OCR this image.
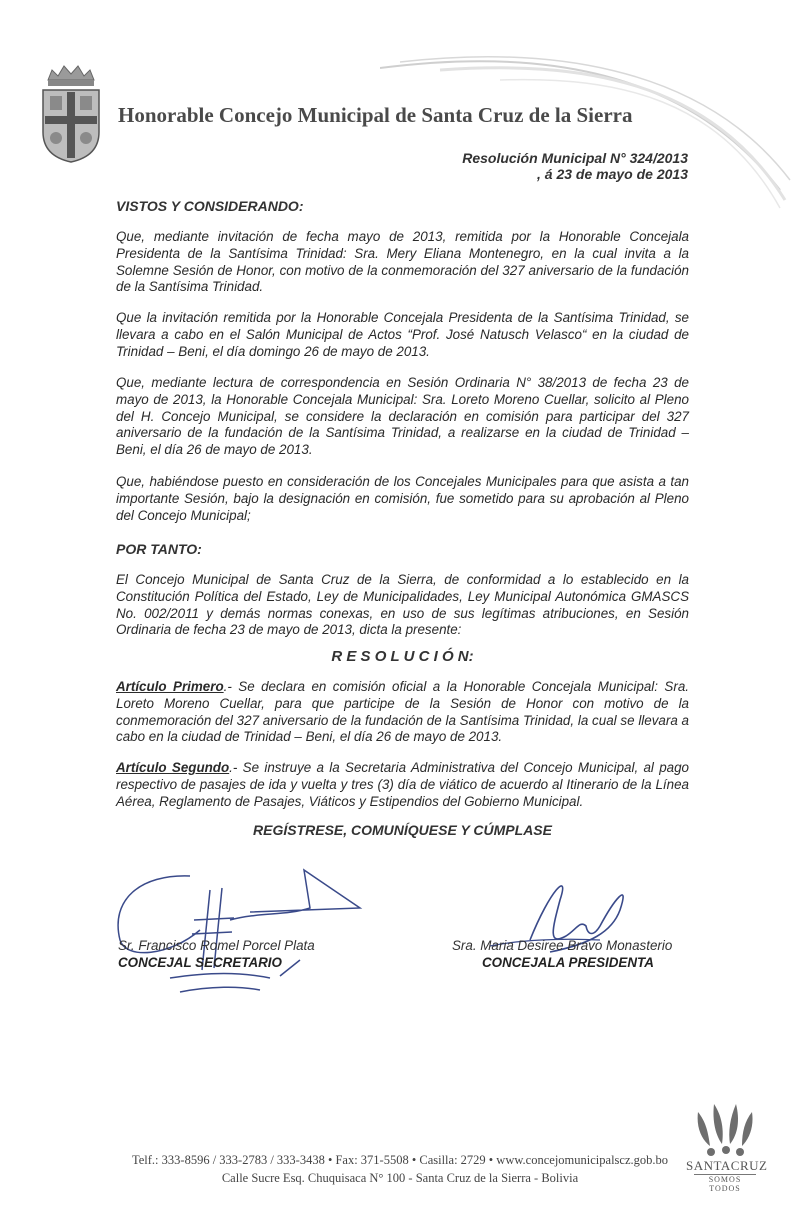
Honorable Concejo Municipal de Santa Cruz de la Sierra
Resolución Municipal N° 324/2013
, á 23 de mayo de 2013
VISTOS Y CONSIDERANDO:
Que, mediante invitación de fecha mayo de 2013, remitida por la Honorable Concejala Presidenta de la Santísima Trinidad: Sra. Mery Eliana Montenegro, en la cual invita a la Solemne Sesión de Honor, con motivo de la conmemoración del 327 aniversario de la fundación de la Santísima Trinidad.
Que la invitación remitida por la Honorable Concejala Presidenta de la Santísima Trinidad, se llevara a cabo en el Salón Municipal de Actos “Prof. José Natusch Velasco“ en la ciudad de Trinidad – Beni, el día domingo 26 de mayo de 2013.
Que, mediante lectura de correspondencia en Sesión Ordinaria N° 38/2013 de fecha 23 de mayo de 2013, la Honorable Concejala Municipal: Sra. Loreto Moreno Cuellar, solicito al Pleno del H. Concejo Municipal, se considere la declaración en comisión para participar del 327 aniversario de la fundación de la Santísima Trinidad, a realizarse en la ciudad de Trinidad – Beni, el día 26 de mayo de 2013.
Que, habiéndose puesto en consideración de los Concejales Municipales para que asista a tan importante Sesión, bajo la designación en comisión, fue sometido para su aprobación al Pleno del Concejo Municipal;
POR TANTO:
El Concejo Municipal de Santa Cruz de la Sierra, de conformidad a lo establecido en la Constitución Política del Estado, Ley de Municipalidades, Ley Municipal Autonómica GMASCS No. 002/2011 y demás normas conexas, en uso de sus legítimas atribuciones, en Sesión Ordinaria de fecha 23 de mayo de 2013, dicta la presente:
R E S O L U C I Ó N:
Artículo Primero.- Se declara en comisión oficial a la Honorable Concejala Municipal: Sra. Loreto Moreno Cuellar, para que participe de la Sesión de Honor con motivo de la conmemoración del 327 aniversario de la fundación de la Santísima Trinidad, la cual se llevara a cabo en la ciudad de Trinidad – Beni, el día 26 de mayo de 2013.
Artículo Segundo.- Se instruye a la Secretaria Administrativa del Concejo Municipal, al pago respectivo de pasajes de ida y vuelta y tres (3) día de viático de acuerdo al Itinerario de la Línea Aérea, Reglamento de Pasajes, Viáticos y Estipendios del Gobierno Municipal.
REGÍSTRESE, COMUNÍQUESE Y CÚMPLASE
Sr. Francisco Romel Porcel Plata
CONCEJAL SECRETARIO
Sra. Maria Desiree Bravo Monasterio
CONCEJALA PRESIDENTA
SANTACRUZ
SOMOS TODOS
Telf.: 333-8596 / 333-2783 / 333-3438 • Fax: 371-5508 • Casilla: 2729 • www.concejomunicipalscz.gob.bo
Calle Sucre Esq. Chuquisaca N° 100 - Santa Cruz de la Sierra - Bolivia
